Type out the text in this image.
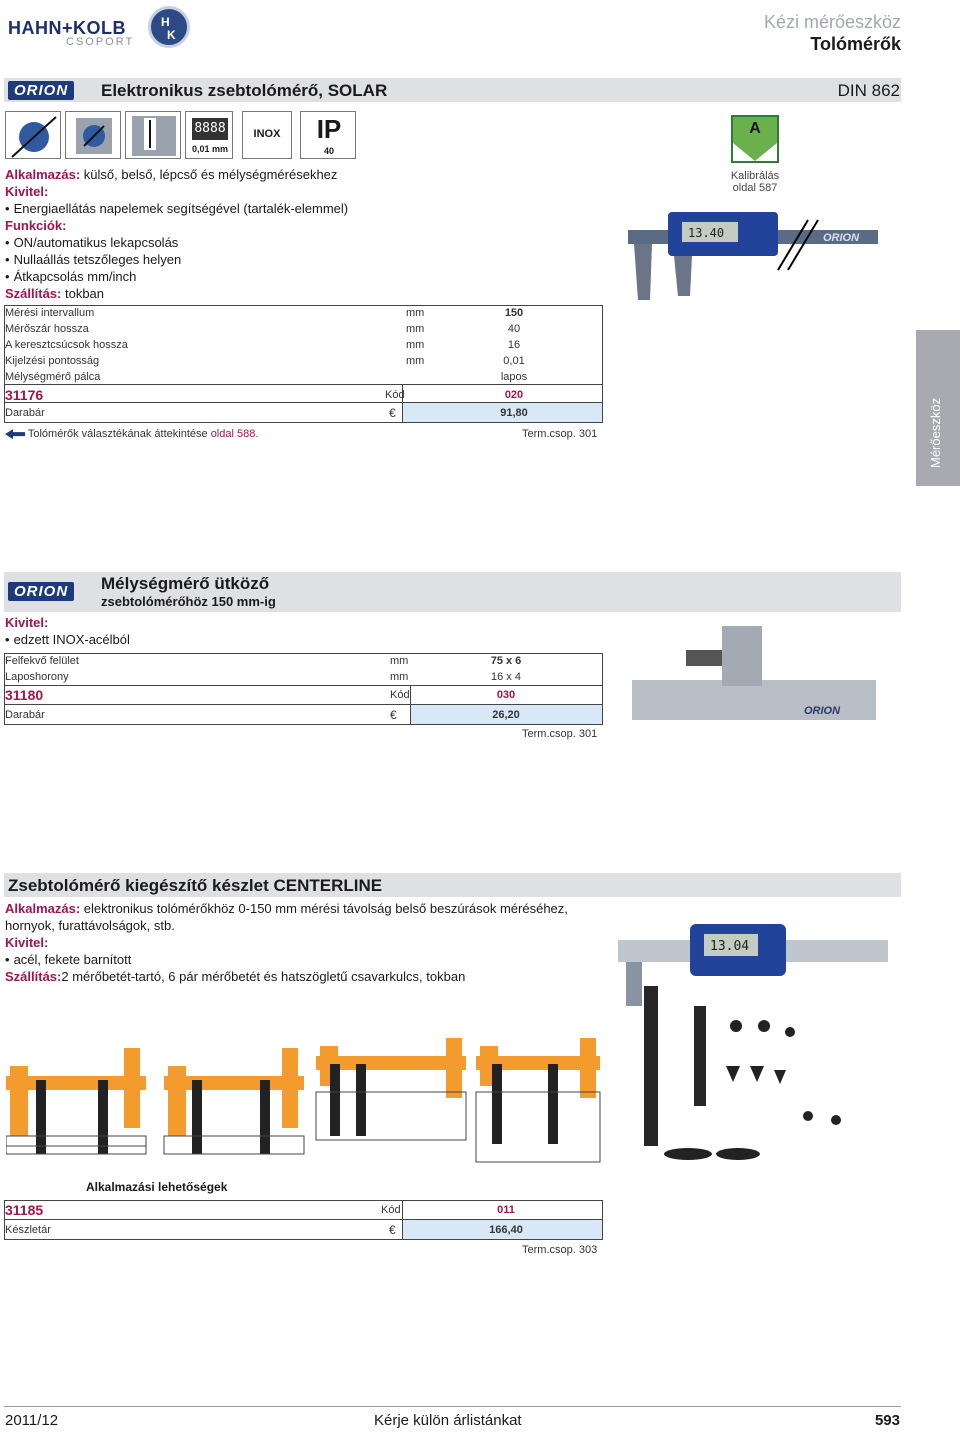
HAHN+KOLB
CSOPORT
H
K
Kézi mérőeszköz
Tolómérők
Mérőeszköz
ORION	Elektronikus zsebtolómérő, SOLAR	DIN 862
8888
0,01 mm
INOX	IP
40
A
Kalibrálás
oldal 587
Alkalmazás: külső, belső, lépcső és mélységmérésekhez
Kivitel:
• Energiaellátás napelemek segítségével (tartalék-elemmel)
Funkciók:
• ON/automatikus lekapcsolás
• Nullaállás tetszőleges helyen
• Átkapcsolás mm/inch
Szállítás: tokban
13.40	ORION
Mérési intervallum	mm	150
Mérőszár hossza	mm	40
A keresztcsúcsok hossza	mm	16
Kijelzési pontosság	mm	0,01
Mélységmérő pálca	lapos
31176	Kód	020
Darabár	€	91,80
Tolómérők választékának áttekintése oldal 588.	Term.csop. 301
ORION	Mélységmérő ütköző
zsebtolómérőhöz 150 mm-ig
Kivitel:
• edzett INOX-acélból
ORION
Felfekvő felület	mm	75 x 6
Laposhorony	mm	16 x 4
31180	Kód	030
Darabár	€	26,20
Term.csop. 301
Zsebtolómérő kiegészítő készlet CENTERLINE
Alkalmazás: elektronikus tolómérőkhöz 0-150 mm mérési távolság belső beszúrások méréséhez, hornyok, furattávolságok, stb.
Kivitel:
• acél, fekete barnított
Szállítás:2 mérőbetét-tartó, 6 pár mérőbetét és hatszögletű csavarkulcs, tokban
13.04
Alkalmazási lehetőségek
31185	Kód	011
Készletár	€	166,40
Term.csop. 303
2011/12	Kérje külön árlistánkat	593
